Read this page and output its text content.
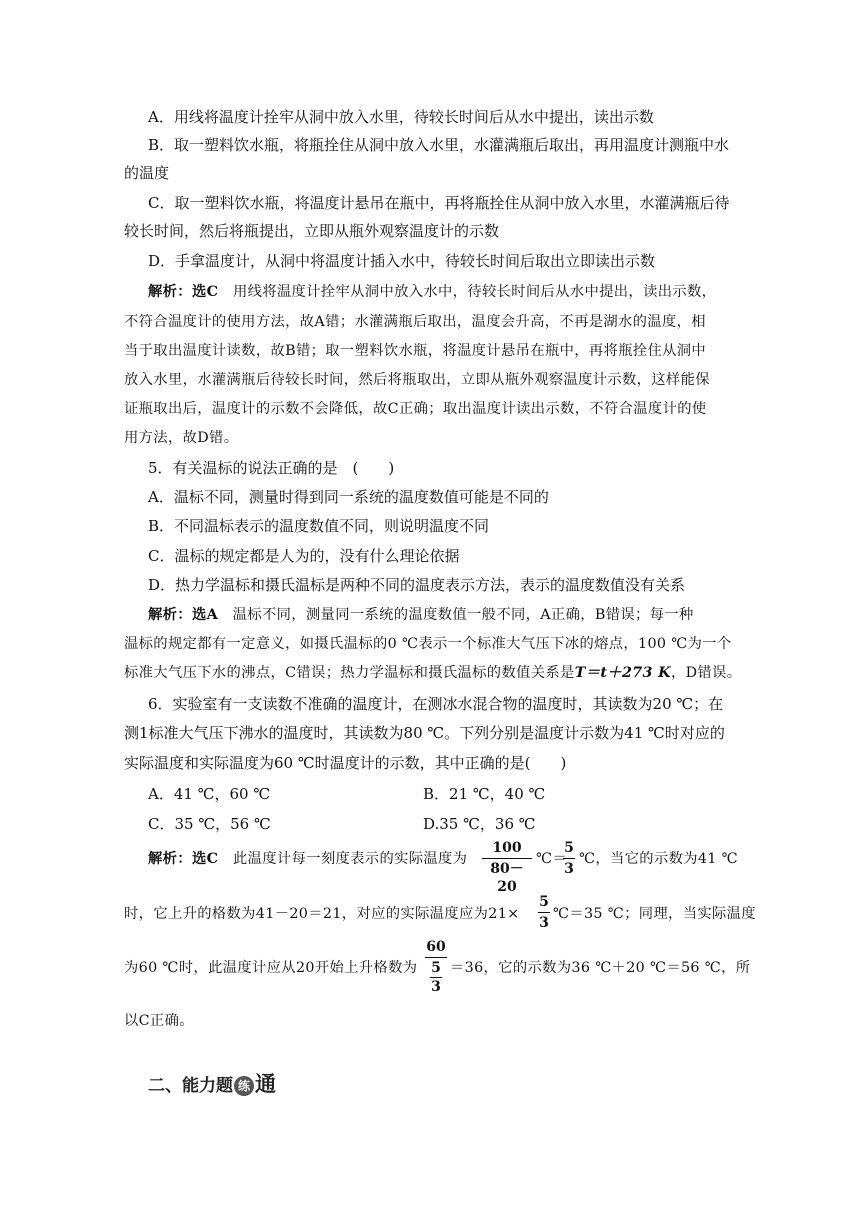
A．用线将温度计拴牢从洞中放入水里，待较长时间后从水中提出，读出示数
B．取一塑料饮水瓶，将瓶拴住从洞中放入水里，水灌满瓶后取出，再用温度计测瓶中水
的温度
C．取一塑料饮水瓶，将温度计悬吊在瓶中，再将瓶拴住从洞中放入水里，水灌满瓶后待
较长时间，然后将瓶提出，立即从瓶外观察温度计的示数
D．手拿温度计，从洞中将温度计插入水中，待较长时间后取出立即读出示数
解析：选C　用线将温度计拴牢从洞中放入水中，待较长时间后从水中提出，读出示数，
不符合温度计的使用方法，故A错；水灌满瓶后取出，温度会升高，不再是湖水的温度，相
当于取出温度计读数，故B错；取一塑料饮水瓶，将温度计悬吊在瓶中，再将瓶拴住从洞中
放入水里，水灌满瓶后待较长时间，然后将瓶取出，立即从瓶外观察温度计示数，这样能保
证瓶取出后，温度计的示数不会降低，故C正确；取出温度计读出示数，不符合温度计的使
用方法，故D错。
5．有关温标的说法正确的是　(　　)
A．温标不同，测量时得到同一系统的温度数值可能是不同的
B．不同温标表示的温度数值不同，则说明温度不同
C．温标的规定都是人为的，没有什么理论依据
D．热力学温标和摄氏温标是两种不同的温度表示方法，表示的温度数值没有关系
解析：选A　温标不同，测量同一系统的温度数值一般不同，A正确，B错误；每一种
温标的规定都有一定意义，如摄氏温标的0 ℃表示一个标准大气压下冰的熔点，100 ℃为一个
标准大气压下水的沸点，C错误；热力学温标和摄氏温标的数值关系是T＝t＋273 K，D错误。
6．实验室有一支读数不准确的温度计，在测冰水混合物的温度时，其读数为20 ℃；在
测1标准大气压下沸水的温度时，其读数为80 ℃。下列分别是温度计示数为41 ℃时对应的
实际温度和实际温度为60 ℃时温度计的示数，其中正确的是(　　)
A．41 ℃，60 ℃	B．21 ℃，40 ℃
C．35 ℃，56 ℃	D.35 ℃，36 ℃
解析：选C　此温度计每一刻度表示的实际温度为
100
80－20
℃＝
5
3
℃，当它的示数为41 ℃
时，它上升的格数为41－20＝21，对应的实际温度应为21×
5
3
℃＝35 ℃；同理，当实际温度
为60 ℃时，此温度计应从20开始上升格数为
60
5
3
＝36，它的示数为36 ℃＋20 ℃＝56 ℃，所
以C正确。
二、能力题 练 通
